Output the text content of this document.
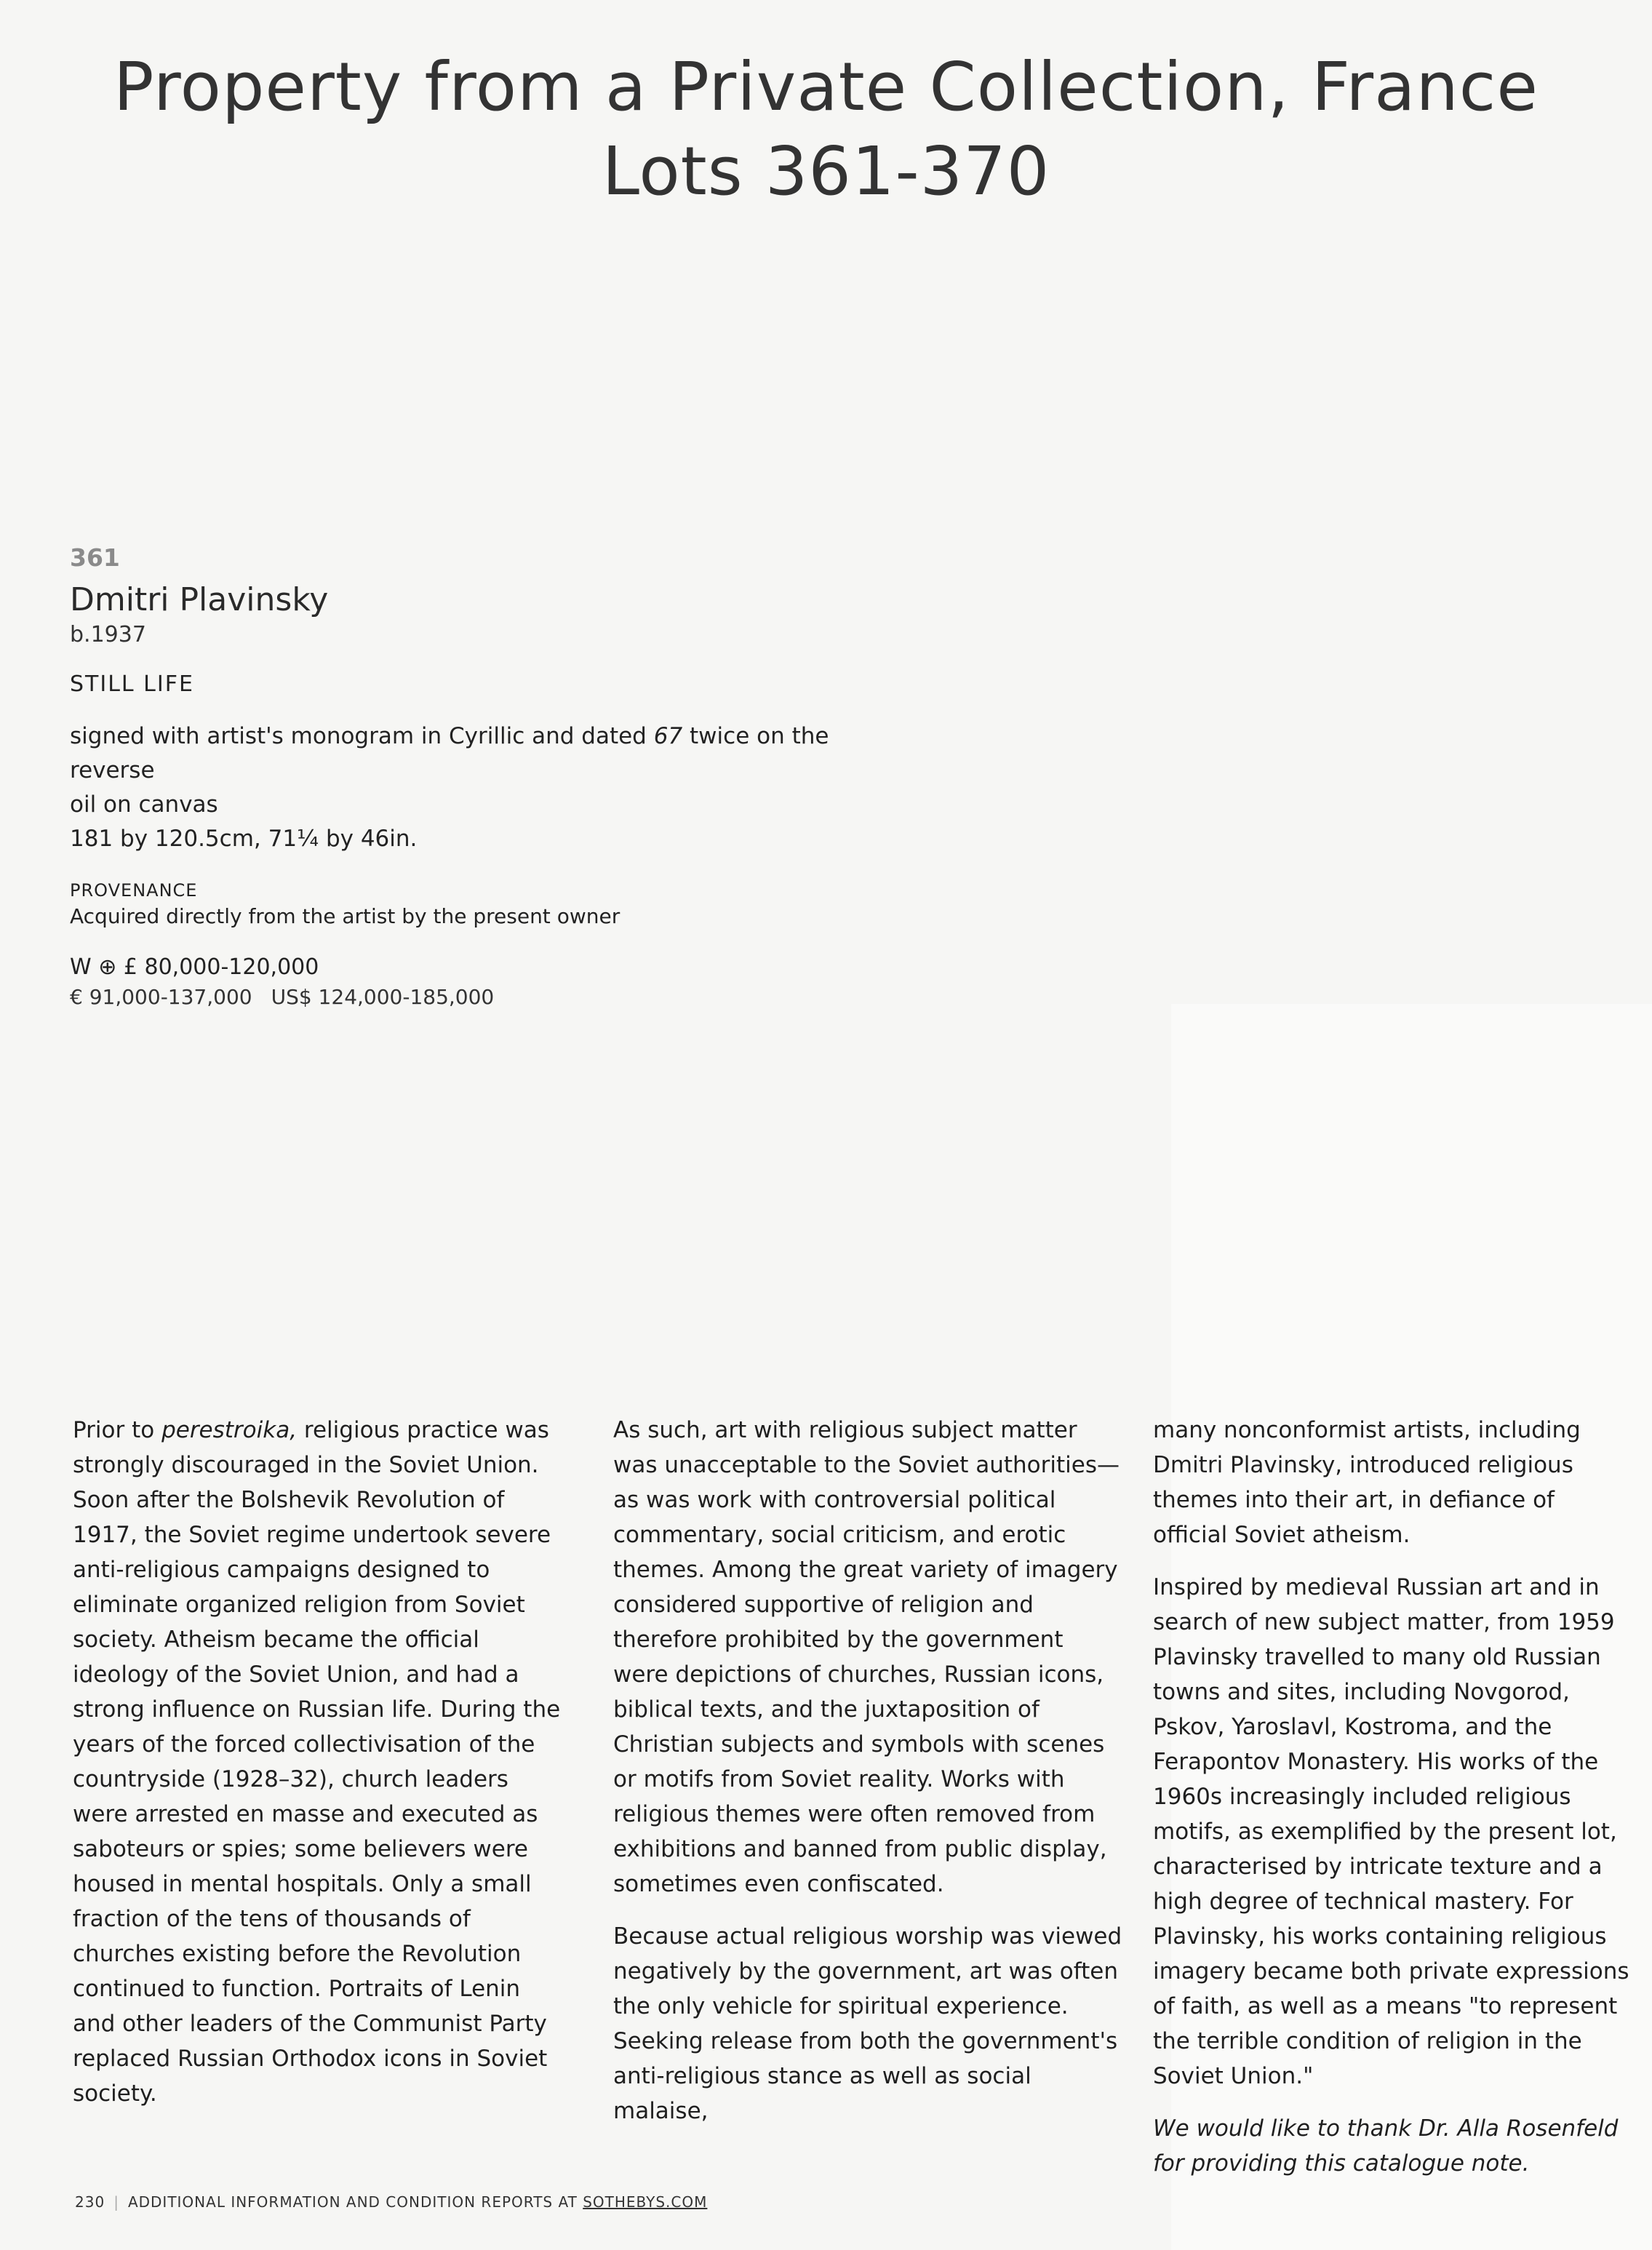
Property from a Private Collection, France
Lots 361-370
361
Dmitri Plavinsky
b.1937
STILL LIFE
signed with artist's monogram in Cyrillic and dated 67 twice on the
reverse
oil on canvas
181 by 120.5cm, 71¼ by 46in.
PROVENANCE
Acquired directly from the artist by the present owner
W ⊕ £ 80,000-120,000
€ 91,000-137,000 US$ 124,000-185,000

Prior to perestroika, religious practice was strongly discouraged in the Soviet Union. Soon after the Bolshevik Revolution of 1917, the Soviet regime undertook severe anti-religious campaigns designed to eliminate organized religion from Soviet society. Atheism became the official ideology of the Soviet Union, and had a strong influence on Russian life. During the years of the forced collectivisation of the countryside (1928–32), church leaders were arrested en masse and executed as saboteurs or spies; some believers were housed in mental hospitals. Only a small fraction of the tens of thousands of churches existing before the Revolution continued to function. Portraits of Lenin and other leaders of the Communist Party replaced Russian Orthodox icons in Soviet society.

As such, art with religious subject matter was unacceptable to the Soviet authorities—as was work with controversial political commentary, social criticism, and erotic themes. Among the great variety of imagery considered supportive of religion and therefore prohibited by the government were depictions of churches, Russian icons, biblical texts, and the juxtaposition of Christian subjects and symbols with scenes or motifs from Soviet reality. Works with religious themes were often removed from exhibitions and banned from public display, sometimes even confiscated.

Because actual religious worship was viewed negatively by the government, art was often the only vehicle for spiritual experience. Seeking release from both the government's anti-religious stance as well as social malaise,

many nonconformist artists, including Dmitri Plavinsky, introduced religious themes into their art, in defiance of official Soviet atheism.

Inspired by medieval Russian art and in search of new subject matter, from 1959 Plavinsky travelled to many old Russian towns and sites, including Novgorod, Pskov, Yaroslavl, Kostroma, and the Ferapontov Monastery. His works of the 1960s increasingly included religious motifs, as exemplified by the present lot, characterised by intricate texture and a high degree of technical mastery. For Plavinsky, his works containing religious imagery became both private expressions of faith, as well as a means "to represent the terrible condition of religion in the Soviet Union."

We would like to thank Dr. Alla Rosenfeld for providing this catalogue note.

230 | ADDITIONAL INFORMATION AND CONDITION REPORTS AT SOTHEBYS.COM
